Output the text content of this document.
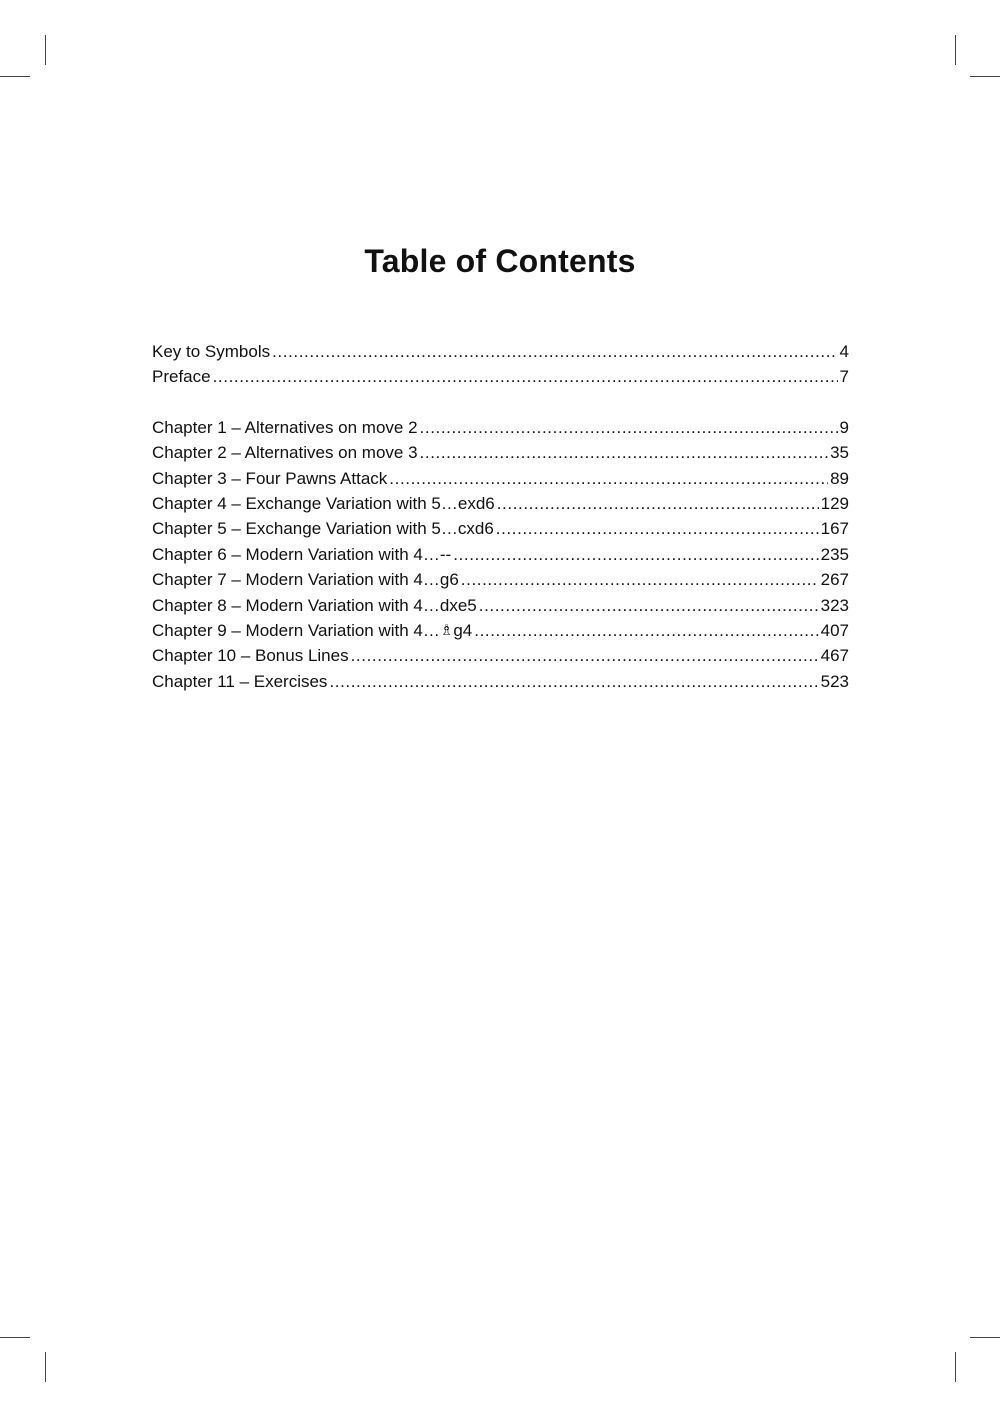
Table of Contents
Key to Symbols .....	4
Preface .....	7
Chapter 1 – Alternatives on move 2 .....	9
Chapter 2 – Alternatives on move 3 .....	35
Chapter 3 – Four Pawns Attack .....	89
Chapter 4 – Exchange Variation with 5…exd6 .....	129
Chapter 5 – Exchange Variation with 5…cxd6 .....	167
Chapter 6 – Modern Variation with 4…-- .....	235
Chapter 7 – Modern Variation with 4…g6 .....	267
Chapter 8 – Modern Variation with 4…dxe5 .....	323
Chapter 9 – Modern Variation with 4…♗g4 .....	407
Chapter 10 – Bonus Lines .....	467
Chapter 11 – Exercises .....	523
